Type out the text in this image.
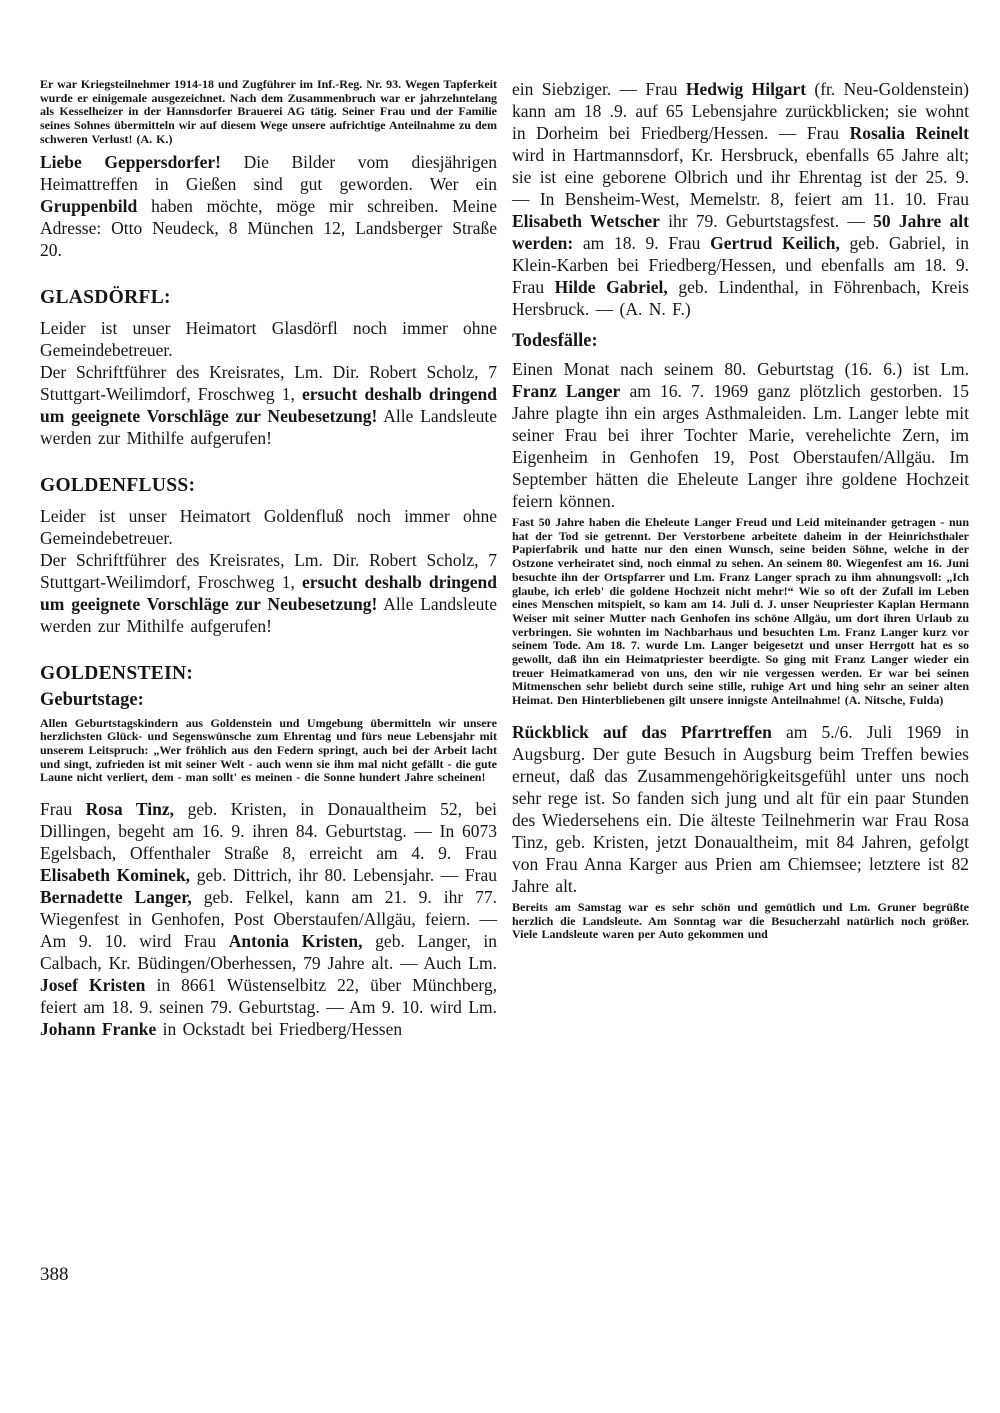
Er war Kriegsteilnehmer 1914-18 und Zugführer im Inf.-Reg. Nr. 93. Wegen Tapferkeit wurde er einigemale ausgezeichnet. Nach dem Zusammenbruch war er jahrzehntelang als Kesselheizer in der Hannsdorfer Brauerei AG tätig. Seiner Frau und der Familie seines Sohnes übermitteln wir auf diesem Wege unsere aufrichtige Anteilnahme zu dem schweren Verlust! (A. K.)

Liebe Geppersdorfer! Die Bilder vom diesjährigen Heimattreffen in Gießen sind gut geworden. Wer ein Gruppenbild haben möchte, möge mir schreiben. Meine Adresse: Otto Neudeck, 8 München 12, Landsberger Straße 20.

GLASDÖRFL:

Leider ist unser Heimatort Glasdörfl noch immer ohne Gemeindebetreuer.

Der Schriftführer des Kreisrates, Lm. Dir. Robert Scholz, 7 Stuttgart-Weilimdorf, Froschweg 1, ersucht deshalb dringend um geeignete Vorschläge zur Neubesetzung! Alle Landsleute werden zur Mithilfe aufgerufen!

GOLDENFLUSS:

Leider ist unser Heimatort Goldenfluß noch immer ohne Gemeindebetreuer.

Der Schriftführer des Kreisrates, Lm. Dir. Robert Scholz, 7 Stuttgart-Weilimdorf, Froschweg 1, ersucht deshalb dringend um geeignete Vorschläge zur Neubesetzung! Alle Landsleute werden zur Mithilfe aufgerufen!

GOLDENSTEIN:
Geburtstage:

Allen Geburtstagskindern aus Goldenstein und Umgebung übermitteln wir unsere herzlichsten Glück- und Segenswünsche zum Ehrentag und fürs neue Lebensjahr mit unserem Leitspruch: „Wer fröhlich aus den Federn springt, auch bei der Arbeit lacht und singt, zufrieden ist mit seiner Welt - auch wenn sie ihm mal nicht gefällt - die gute Laune nicht verliert, dem - man sollt' es meinen - die Sonne hundert Jahre scheinen!

Frau Rosa Tinz, geb. Kristen, in Donaualtheim 52, bei Dillingen, begeht am 16. 9. ihren 84. Geburtstag. — In 6073 Egelsbach, Offenthaler Straße 8, erreicht am 4. 9. Frau Elisabeth Kominek, geb. Dittrich, ihr 80. Lebensjahr. — Frau Bernadette Langer, geb. Felkel, kann am 21. 9. ihr 77. Wiegenfest in Genhofen, Post Oberstaufen/Allgäu, feiern. — Am 9. 10. wird Frau Antonia Kristen, geb. Langer, in Calbach, Kr. Büdingen/Oberhessen, 79 Jahre alt. — Auch Lm. Josef Kristen in 8661 Wüstenselbitz 22, über Münchberg, feiert am 18. 9. seinen 79. Geburtstag. — Am 9. 10. wird Lm. Johann Franke in Ockstadt bei Friedberg/Hessen

ein Siebziger. — Frau Hedwig Hilgart (fr. Neu-Goldenstein) kann am 18 .9. auf 65 Lebensjahre zurückblicken; sie wohnt in Dorheim bei Friedberg/Hessen. — Frau Rosalia Reinelt wird in Hartmannsdorf, Kr. Hersbruck, ebenfalls 65 Jahre alt; sie ist eine geborene Olbrich und ihr Ehrentag ist der 25. 9. — In Bensheim-West, Memelstr. 8, feiert am 11. 10. Frau Elisabeth Wetscher ihr 79. Geburtstagsfest. — 50 Jahre alt werden: am 18. 9. Frau Gertrud Keilich, geb. Gabriel, in Klein-Karben bei Friedberg/Hessen, und ebenfalls am 18. 9. Frau Hilde Gabriel, geb. Lindenthal, in Föhrenbach, Kreis Hersbruck. — (A. N. F.)

Todesfälle:

Einen Monat nach seinem 80. Geburtstag (16. 6.) ist Lm. Franz Langer am 16. 7. 1969 ganz plötzlich gestorben. 15 Jahre plagte ihn ein arges Asthmaleiden. Lm. Langer lebte mit seiner Frau bei ihrer Tochter Marie, verehelichte Zern, im Eigenheim in Genhofen 19, Post Oberstaufen/Allgäu. Im September hätten die Eheleute Langer ihre goldene Hochzeit feiern können.

Fast 50 Jahre haben die Eheleute Langer Freud und Leid miteinander getragen - nun hat der Tod sie getrennt. Der Verstorbene arbeitete daheim in der Heinrichsthaler Papierfabrik und hatte nur den einen Wunsch, seine beiden Söhne, welche in der Ostzone verheiratet sind, noch einmal zu sehen. An seinem 80. Wiegenfest am 16. Juni besuchte ihn der Ortspfarrer und Lm. Franz Langer sprach zu ihm ahnungsvoll: „Ich glaube, ich erleb' die goldene Hochzeit nicht mehr!“ Wie so oft der Zufall im Leben eines Menschen mitspielt, so kam am 14. Juli d. J. unser Neupriester Kaplan Hermann Weiser mit seiner Mutter nach Genhofen ins schöne Allgäu, um dort ihren Urlaub zu verbringen. Sie wohnten im Nachbarhaus und besuchten Lm. Franz Langer kurz vor seinem Tode. Am 18. 7. wurde Lm. Langer beigesetzt und unser Herrgott hat es so gewollt, daß ihn ein Heimatpriester beerdigte. So ging mit Franz Langer wieder ein treuer Heimatkamerad von uns, den wir nie vergessen werden. Er war bei seinen Mitmenschen sehr beliebt durch seine stille, ruhige Art und hing sehr an seiner alten Heimat. Den Hinterbliebenen gilt unsere innigste Anteilnahme! (A. Nitsche, Fulda)

Rückblick auf das Pfarrtreffen am 5./6. Juli 1969 in Augsburg. Der gute Besuch in Augsburg beim Treffen bewies erneut, daß das Zusammengehörigkeitsgefühl unter uns noch sehr rege ist. So fanden sich jung und alt für ein paar Stunden des Wiedersehens ein. Die älteste Teilnehmerin war Frau Rosa Tinz, geb. Kristen, jetzt Donaualtheim, mit 84 Jahren, gefolgt von Frau Anna Karger aus Prien am Chiemsee; letztere ist 82 Jahre alt.

Bereits am Samstag war es sehr schön und gemütlich und Lm. Gruner begrüßte herzlich die Landsleute. Am Sonntag war die Besucherzahl natürlich noch größer. Viele Landsleute waren per Auto gekommen und

388
